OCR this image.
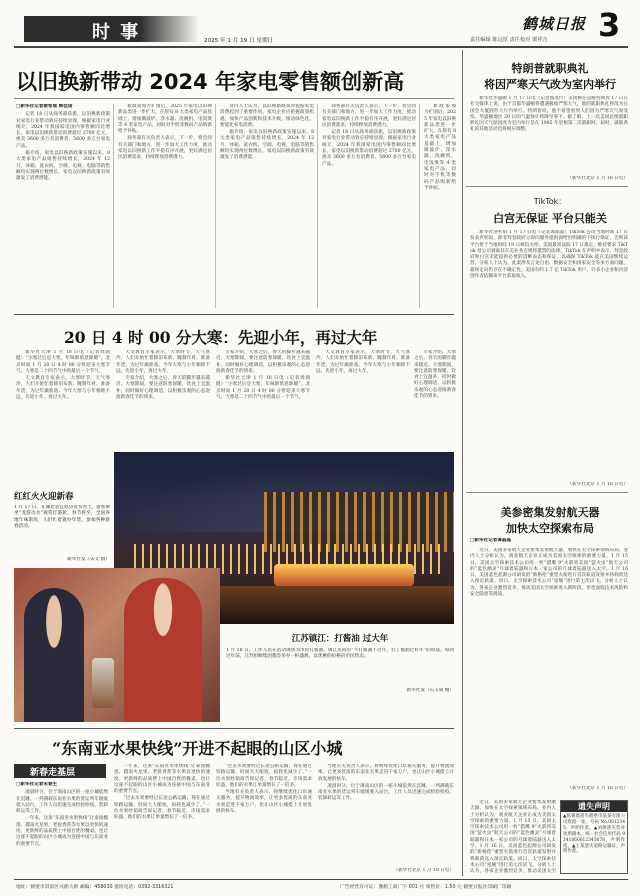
时 事	2025 年 1 月 19 日 星期日
鹤城日报 3
责任编辑 陈远厚 责任校对 栗祥吉
以旧换新带动 2024 年家电零售额创新高
□新华社记者谢希瑶 韩佳诺

记者 18 日从商务部获悉，以旧换新政策对家电行业带动效应持续显现，根据家电行业统计，2024 年我国家电国内零售额同比增长，家电以旧换新带动消费超过 2700 亿元，惠及 3600 多万名消费者、5600 多万台家电产品。

据介绍，家电以旧换新政策实施以来，8 大类家电产品销售持续增长，2024 年 12 月，冰箱、洗衣机、空调、电视、电脑等销售额均实现两位数增长，家电以旧换新政策有效激发了消费潜能。

新政策加力扩围后，2025 年家电以旧换新品类进一步扩大，在原有 8 大类家电产品基础上，增加微波炉、净水器、洗碗机、电饭煲等 4 类家电产品，同时对手机等数码产品购新给予补贴。

商务部有关负责人表示，下一步，将会同有关部门和地方，进一步加大工作力度，推动家电以旧换新工作平稳有序开展，更好满足居民消费需求，持续释放消费潜力。

业内人士认为，以旧换新政策对提振家电消费起到了重要作用，家电企业应把握政策机遇，加快产品创新和技术升级，推动绿色化、智能化家电消费。

据介绍，家电以旧换新政策实施以来，8 大类家电产品销售持续增长，2024 年 12 月，冰箱、洗衣机、空调、电视、电脑等销售额均实现两位数增长，家电以旧换新政策有效激发了消费潜能。

商务部有关负责人表示，下一步，将会同有关部门和地方，进一步加大工作力度，推动家电以旧换新工作平稳有序开展，更好满足居民消费需求，持续释放消费潜力。

记者 18 日从商务部获悉，以旧换新政策对家电行业带动效应持续显现，根据家电行业统计，2024 年我国家电国内零售额同比增长，家电以旧换新带动消费超过 2700 亿元，惠及 3600 多万名消费者、5600 多万台家电产品。

新政策加力扩围后，2025 年家电以旧换新品类进一步扩大，在原有 8 大类家电产品基础上，增加微波炉、净水器、洗碗机、电饭煲等 4 类家电产品，同时对手机等数码产品购新给予补贴。

20 日 4 时 00 分大寒：先迎小年，再过大年

新华社天津 1 月 18 日电（记者周润健）“小寒过后是大寒，年味渐浓意渐暖”。北京时间 1 月 20 日 4 时 00 分将迎来大寒节气，大寒是二十四节气中的最后一个节气。

天文教育专家表示，大寒时节，天气寒冷，人们开始忙着除旧布新、腌制年肴、准备年货，为过年做准备。今年大寒与小年相距不远，先迎小年，再过大年。

天文教育专家表示，大寒时节，天气寒冷，人们开始忙着除旧布新、腌制年肴、准备年货，为过年做准备。今年大寒与小年相距不远，先迎小年，再过大年。

专家介绍，大寒之后，春天的脚步越来越近。大寒期间，要注意防寒保暖，饮食上宜温补，同时做好心理调适，以积极乐观的心态迎接新春佳节的到来。

专家介绍，大寒之后，春天的脚步越来越近。大寒期间，要注意防寒保暖，饮食上宜温补，同时做好心理调适，以积极乐观的心态迎接新春佳节的到来。

新华社天津 1 月 18 日电（记者周润健）“小寒过后是大寒，年味渐浓意渐暖”。北京时间 1 月 20 日 4 时 00 分将迎来大寒节气，大寒是二十四节气中的最后一个节气。

天文教育专家表示，大寒时节，天气寒冷，人们开始忙着除旧布新、腌制年肴、准备年货，为过年做准备。今年大寒与小年相距不远，先迎小年，再过大年。

专家介绍，大寒之后，春天的脚步越来越近。大寒期间，要注意防寒保暖，饮食上宜温补，同时做好心理调适，以积极乐观的心态迎接新春佳节的到来。

红红火火迎新春
1 月 17 日，在湖北省宜恩县贡水河上，游客乘坐“龙游贡水”观赏灯游轮。春节将至，全国各地年味渐浓，人们忙着置办年货，参加各种新春活动。
新华社发（宋文 摄）
江苏镇江：打酱油 过大年
1 月 18 日，工作人员在活动现场为市民打酱油。镇江民间有“不打酱油不过年、打了酱油过好年”的说法。每到过年前，江苏恒顺集团都会举办一桩盛典，以优惠的价格向市民售卖。
新华社发（石玉成 摄）
“东南亚水果快线”开进不起眼的山区小城
新春走基层
□新华社记者宋春生

凌晨时分，位于滇南山区的一座小城依然在沉睡，一列满载东南亚水果的货运列车缓缓驶入站台，工作人员迅速完成检验检疫、装卸转运等工作。

一年来，这条“东南亚水果快线”让泰国榴莲、越南火龙果、老挝香蕉等水果以更快的速度、更新鲜的品质摆上中国百姓的餐桌，也让这座不起眼的山区小城成为连接中国与东南亚的重要节点。

一年来，这条“东南亚水果快线”让泰国榴莲、越南火龙果、老挝香蕉等水果以更快的速度、更新鲜的品质摆上中国百姓的餐桌，也让这座不起眼的山区小城成为连接中国与东南亚的重要节点。

“过去水果要经过长途公路运输，现在通过铁路运输，时间大大缩短，损耗也减少了。”一位水果经销商告诉记者，春节临近，市场需求旺盛，他们的水果订单量增长了一倍多。

“过去水果要经过长途公路运输，现在通过铁路运输，时间大大缩短，损耗也减少了。”一位水果经销商告诉记者，春节临近，市场需求旺盛，他们的水果订单量增长了一倍多。

当地有关负责人表示，将继续优化口岸通关服务，提升物流效率，让更多优质的东南亚水果走进千家万户，也让山区小城搭上开放发展的快车。

当地有关负责人表示，将继续优化口岸通关服务，提升物流效率，让更多优质的东南亚水果走进千家万户，也让山区小城搭上开放发展的快车。

凌晨时分，位于滇南山区的一座小城依然在沉睡，一列满载东南亚水果的货运列车缓缓驶入站台，工作人员迅速完成检验检疫、装卸转运等工作。

（新华社北京 1 月 18 日电）
特朗普就职典礼
将因严寒天气改为室内举行
新华社华盛顿 1 月 17 日电（记者熊茂伶）美国候任总统特朗普 17 日在社交媒体上说，由于首都华盛顿将遭遇极端严寒天气，他的就职典礼将改为在国会大厦圆形大厅内举行。特朗普说，他不希望看到人们因为严寒天气而受伤。华盛顿地区 20 日的气温预计将降至零下。据了解，上一次美国总统就职典礼因天气原因改为室内举行是在 1985 年里根第二次就职时。届时，就职典礼的其他活动也将相应调整。
（新华社北京 1 月 18 日电）
TikTok：
白宫无保证 平台只能关
新华社洛杉矶 1 月 17 日电（记者谭晶晶）TikTok 公司当地时间 17 日发表声明说，除非拜登政府立即向服务提供商给出明确的不执行保证，否则该平台将于当地时间 19 日被迫关停。美国最高法院 17 日裁定，维持要求 TikTok 母公司剥离其在美业务否则将遭禁的法律。TikTok 在声明中表示，拜登政府和白宫未能提供必要的清晰表态和保证，以确保 TikTok 能在美国继续运营。分析人士认为，此案涉及言论自由、数据安全和国家安全等多方面问题，最终走向仍存在不确定性。美国有约 1.7 亿 TikTok 用户，许多小企业和内容创作者依赖该平台获取收入。
（新华社北京 1 月 18 日电）
美参密集发射航天器
加快太空探索布局
□新华社记者谭晶晶
近日，美国多家航天企业密集发射航天器，加快在太空探索领域布局。业内人士分析认为，商业航天企业正成为美国太空探索的重要力量。1 月 15 日，美国太空探索技术公司用一枚“猎鹰 9”火箭将美国“萤火虫”航天公司的“蓝色幽灵”月球着陆器和日本一家公司的月球着陆器送入太空。1 月 16 日，美国蓝色起源公司研发的“新格伦”重型火箭进行首次轨道发射并将载荷送入预定轨道。同日，太空探索技术公司“星舰”进行第七次试飞。分析人士认为，各家企业激烈竞争，推动美国太空探索进入新阶段，但也面临技术风险和安全隐患等挑战。
（新华社北京 1 月 18 日电）
遗失声明
▲陈赛康遗失鹤壁市某某有限公司收据一张，号码 No.0012345，声明作废。▲刘俊遗失营业执照副本，统一社会信用代码 9241060012345678，声明作废。▲王某遗失道路运输证，声明作废。

近日，美国多家航天企业密集发射航天器，加快在太空探索领域布局。业内人士分析认为，商业航天企业正成为美国太空探索的重要力量。1 月 15 日，美国太空探索技术公司用一枚“猎鹰 9”火箭将美国“萤火虫”航天公司的“蓝色幽灵”月球着陆器和日本一家公司的月球着陆器送入太空。1 月 16 日，美国蓝色起源公司研发的“新格伦”重型火箭进行首次轨道发射并将载荷送入预定轨道。同日，太空探索技术公司“星舰”进行第七次试飞。分析人士认为，各家企业激烈竞争，推动美国太空

地址：鹤壁市淇滨区兴鹤大街 邮编：458030 值班电话：0392-3316321	广告经营许可证：豫鹤工商广字 001 号 零售价：1.50 元 鹤壁日报社印刷厂印刷
